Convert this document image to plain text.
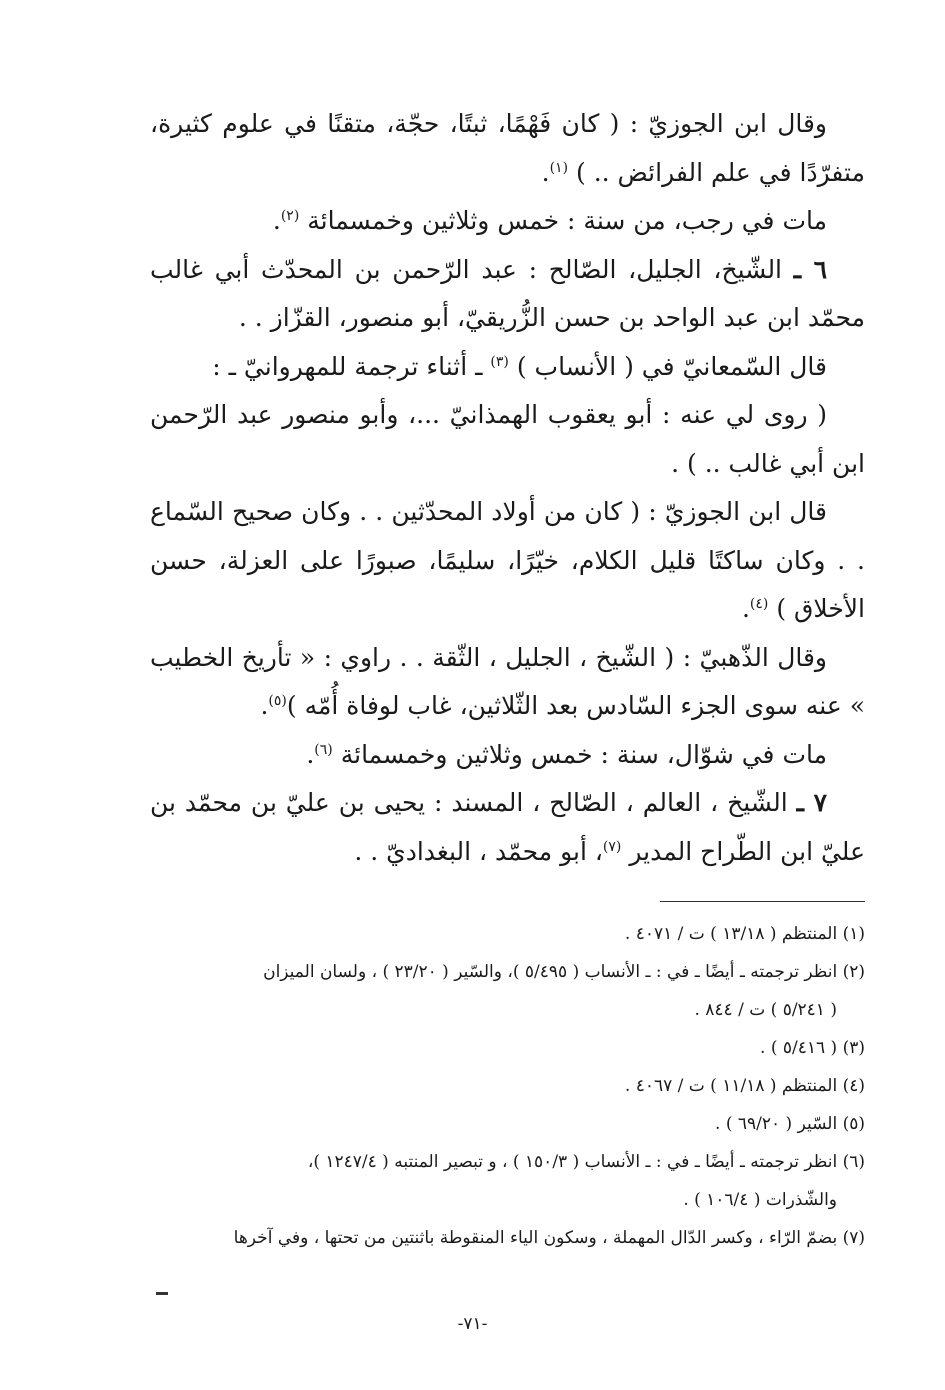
وقال ابن الجوزيّ : ( كان فَهْمًا، ثبتًا، حجّة، متقنًا في علوم كثيرة، متفرّدًا في علم الفرائض .. ) $^{(١)}$.

مات في رجب، من سنة : خمس وثلاثين وخمسمائة $^{(٢)}$.

٦ ـ الشّيخ، الجليل، الصّالح : عبد الرّحمن بن المحدّث أبي غالب محمّد ابن عبد الواحد بن حسن الزُّريقيّ، أبو منصور، القزّاز . .

قال السّمعانيّ في ( الأنساب ) $^{(٣)}$ ـ أثناء ترجمة للمهروانيّ ـ :

( روى لي عنه : أبو يعقوب الهمذانيّ ...، وأبو منصور عبد الرّحمن ابن أبي غالب .. ) .

قال ابن الجوزيّ : ( كان من أولاد المحدّثين . . وكان صحيح السّماع . . وكان ساكتًا قليل الكلام، خيّرًا، سليمًا، صبورًا على العزلة، حسن الأخلاق ) $^{(٤)}$.

وقال الذّهبيّ : ( الشّيخ ، الجليل ، الثّقة . . راوي : « تأريخ الخطيب » عنه سوى الجزء السّادس بعد الثّلاثين، غاب لوفاة أُمّه )$^{(٥)}$.

مات في شوّال، سنة : خمس وثلاثين وخمسمائة $^{(٦)}$.

٧ ـ الشّيخ ، العالم ، الصّالح ، المسند : يحيى بن عليّ بن محمّد بن عليّ ابن الطّراح المدير $^{(٧)}$، أبو محمّد ، البغداديّ . .

(١) المنتظم ( ١٣/١٨ ) ت / ٤٠٧١ .

(٢) انظر ترجمته ـ أيضًا ـ في : ـ الأنساب ( ٥/٤٩٥ )، والسّير ( ٢٣/٢٠ ) ، ولسان الميزان

( ٥/٢٤١ ) ت / ٨٤٤ .

(٣) ( ٥/٤١٦ ) .

(٤) المنتظم ( ١١/١٨ ) ت / ٤٠٦٧ .

(٥) السّير ( ٦٩/٢٠ ) .

(٦) انظر ترجمته ـ أيضًا ـ في : ـ الأنساب ( ١٥٠/٣ ) ، و تبصير المنتبه ( ١٢٤٧/٤ )،

والشّذرات ( ١٠٦/٤ ) .

(٧) بضمّ الرّاء ، وكسر الدّال المهملة ، وسكون الياء المنقوطة باثنتين من تحتها ، وفي آخرها

-٧١-
